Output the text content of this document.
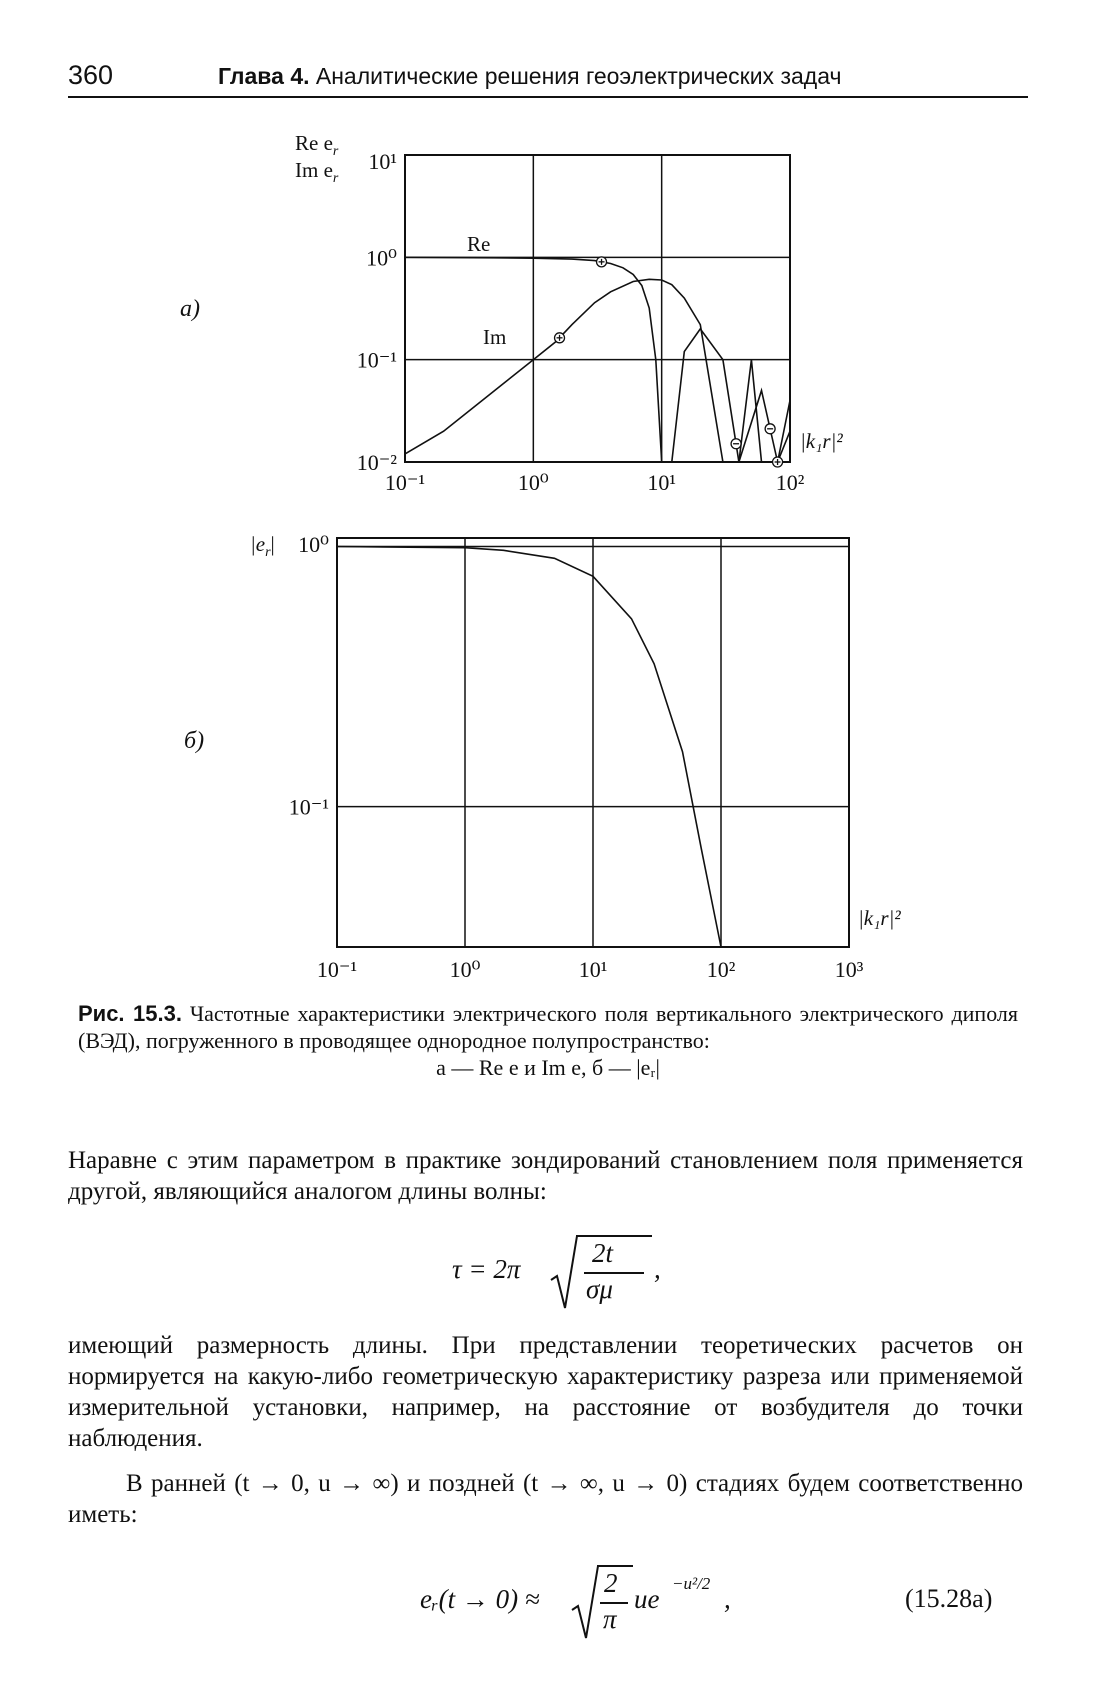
360	Глава 4. Аналитические решения геоэлектрических задач
а)
Re $e_r$
Im $e_r$
10⁻¹	10⁰	10¹	10²
10¹
10⁰
10⁻¹
10⁻²
Re
Im
|k₁r|²
б)
$|e_r|$
10⁻¹	10⁰	10¹	10²	10³
10⁰
10⁻¹
|k₁r|²
Рис. 15.3. Частотные характеристики электрического поля вертикального электрического диполя (ВЭД), погруженного в проводящее однородное полупространство:
а — Re e и Im e, б — |eᵣ|
Наравне с этим параметром в практике зондирований становлением поля применяется другой, являющийся аналогом длины волны:
τ = 2π
2t
σμ
,
имеющий размерность длины. При представлении теоретических расчетов он нормируется на какую-либо геометрическую характеристику разреза или применяемой измерительной установки, например, на расстояние от возбудителя до точки наблюдения.
В ранней (t → 0, u → ∞) и поздней (t → ∞, u → 0) стадиях будем соответственно иметь:
eᵣ(t → 0) ≈
2
π
ue
−u²/2
,	(15.28a)
